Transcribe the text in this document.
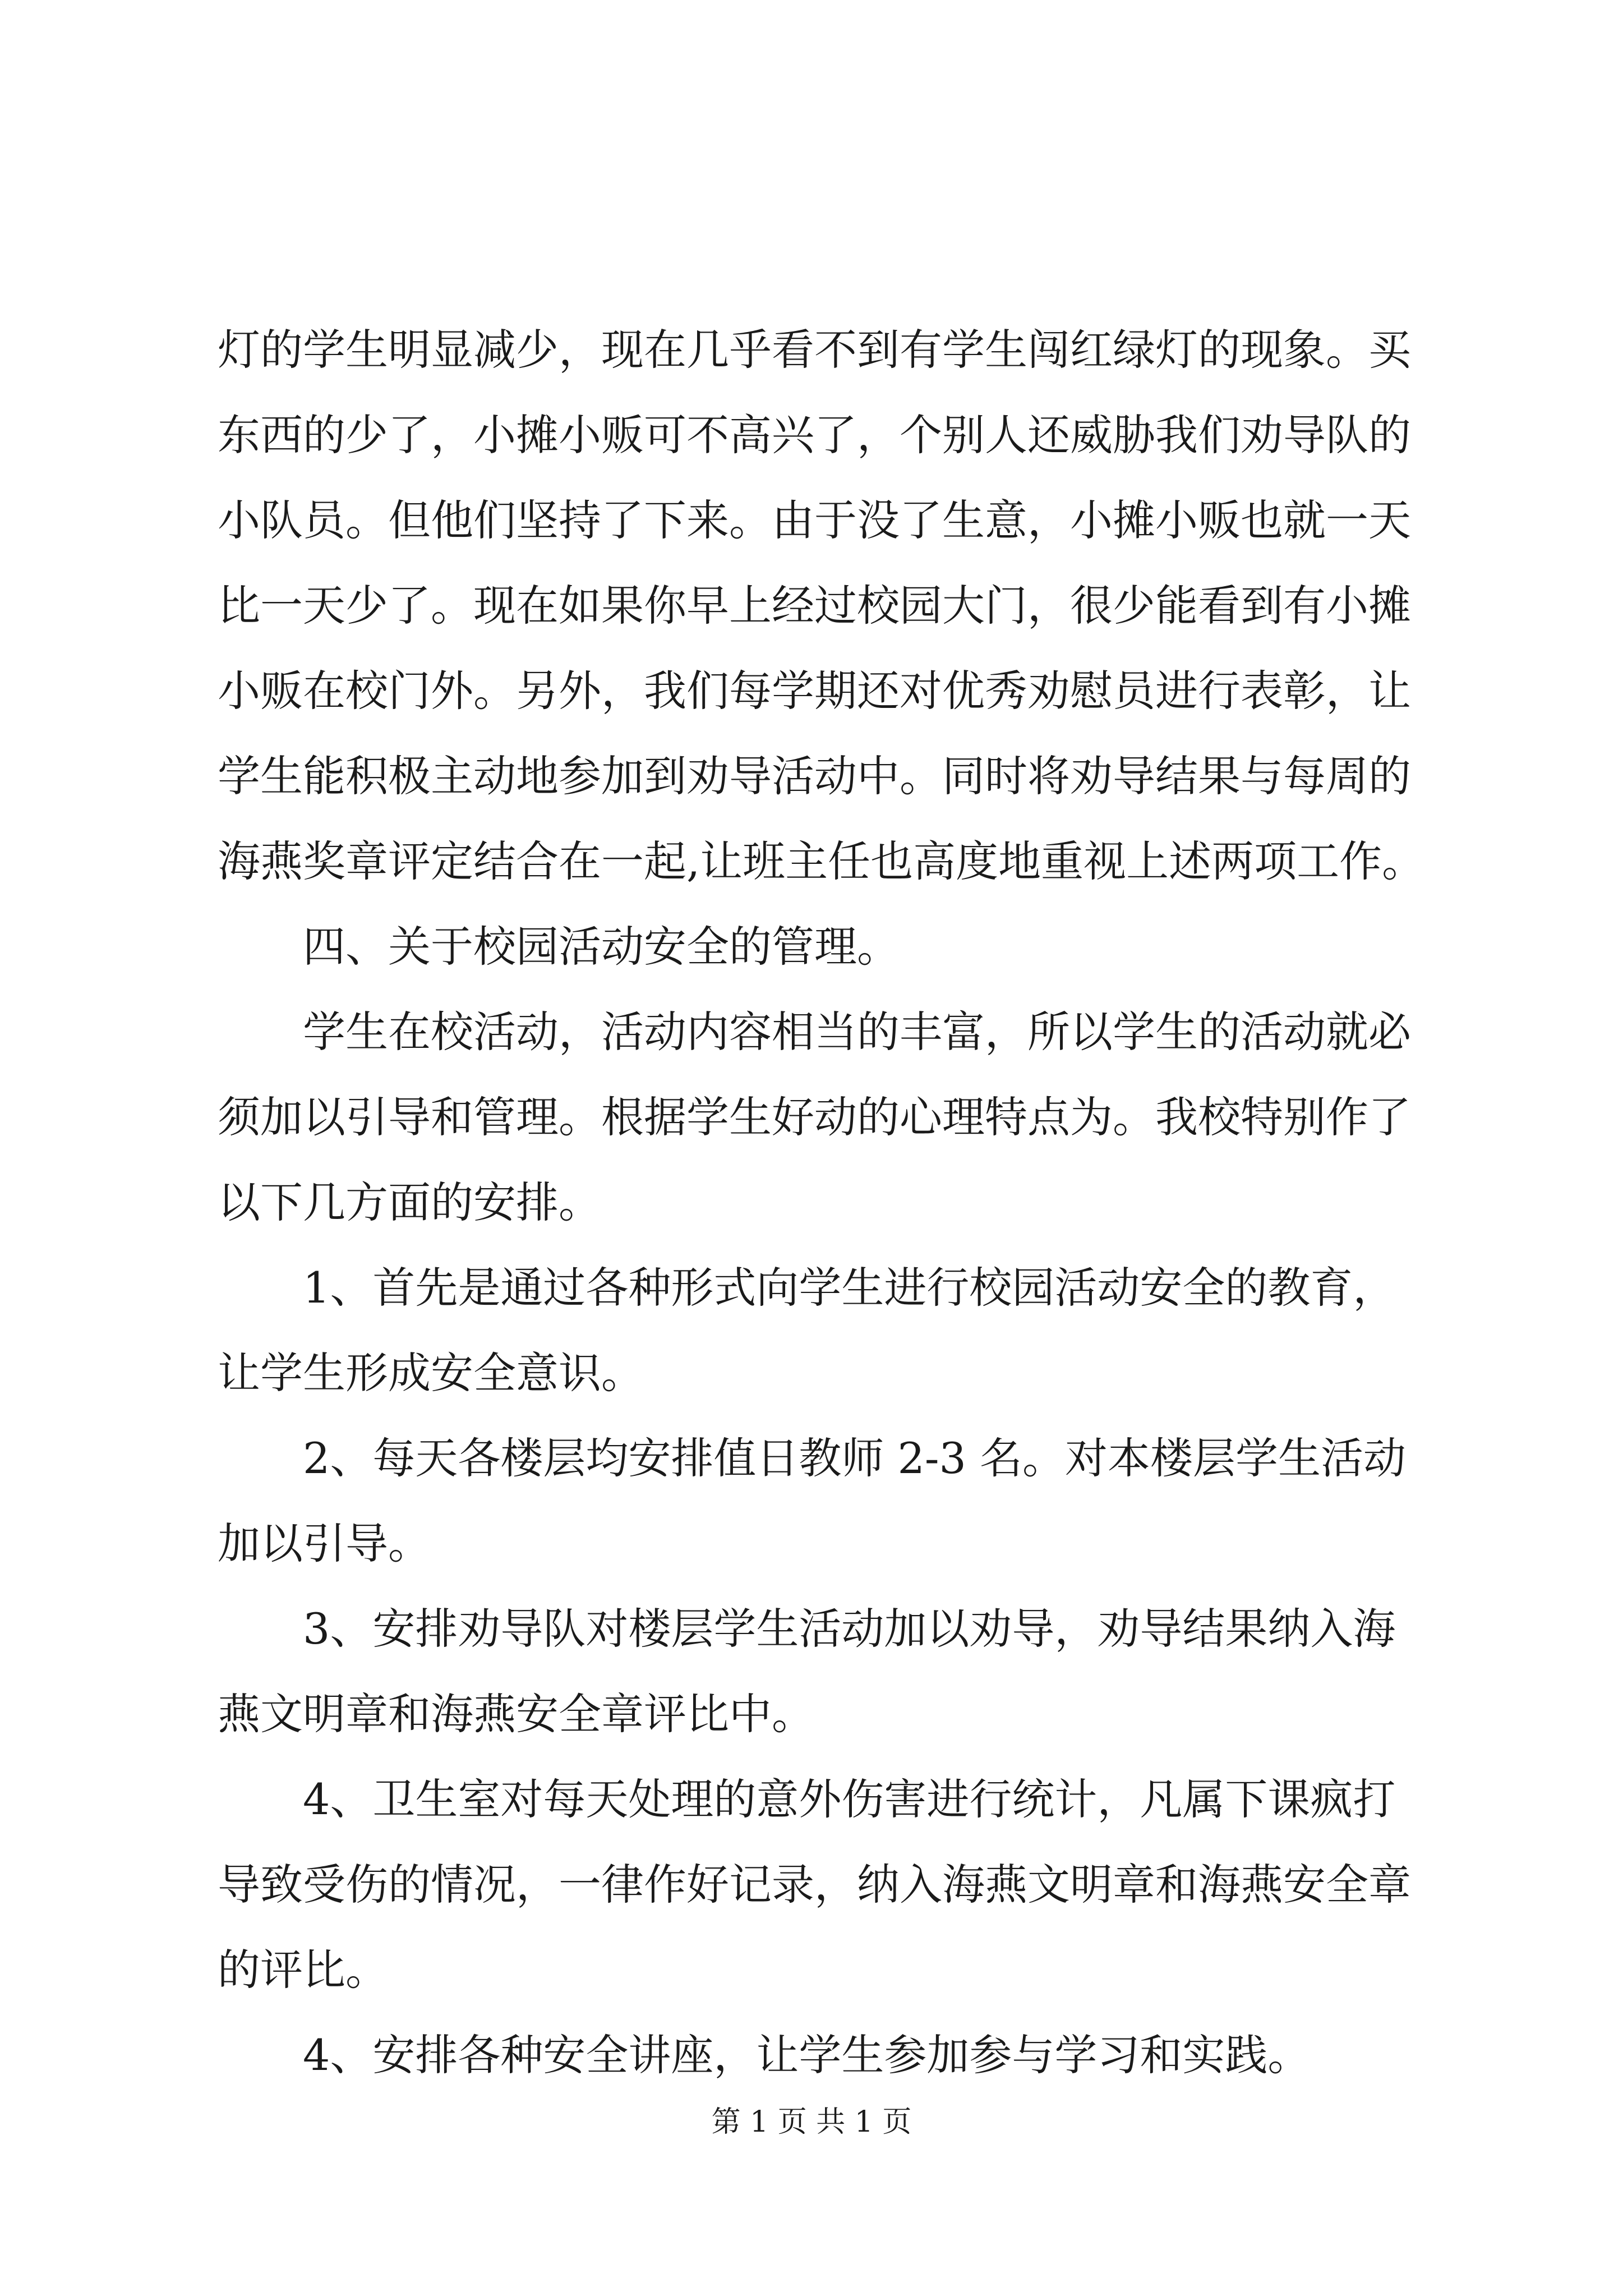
灯的学生明显减少，现在几乎看不到有学生闯红绿灯的现象。买
东西的少了，小摊小贩可不高兴了，个别人还威胁我们劝导队的
小队员。但他们坚持了下来。由于没了生意，小摊小贩也就一天
比一天少了。现在如果你早上经过校园大门，很少能看到有小摊
小贩在校门外。另外，我们每学期还对优秀劝慰员进行表彰，让
学生能积极主动地参加到劝导活动中。同时将劝导结果与每周的
海燕奖章评定结合在一起,让班主任也高度地重视上述两项工作。
四、关于校园活动安全的管理。
学生在校活动，活动内容相当的丰富，所以学生的活动就必
须加以引导和管理。根据学生好动的心理特点为。我校特别作了
以下几方面的安排。
1、首先是通过各种形式向学生进行校园活动安全的教育，
让学生形成安全意识。
2、每天各楼层均安排值日教师 2-3 名。对本楼层学生活动
加以引导。
3、安排劝导队对楼层学生活动加以劝导，劝导结果纳入海
燕文明章和海燕安全章评比中。
4、卫生室对每天处理的意外伤害进行统计，凡属下课疯打
导致受伤的情况，一律作好记录，纳入海燕文明章和海燕安全章
的评比。
4、安排各种安全讲座，让学生参加参与学习和实践。
第 1 页 共 1 页
